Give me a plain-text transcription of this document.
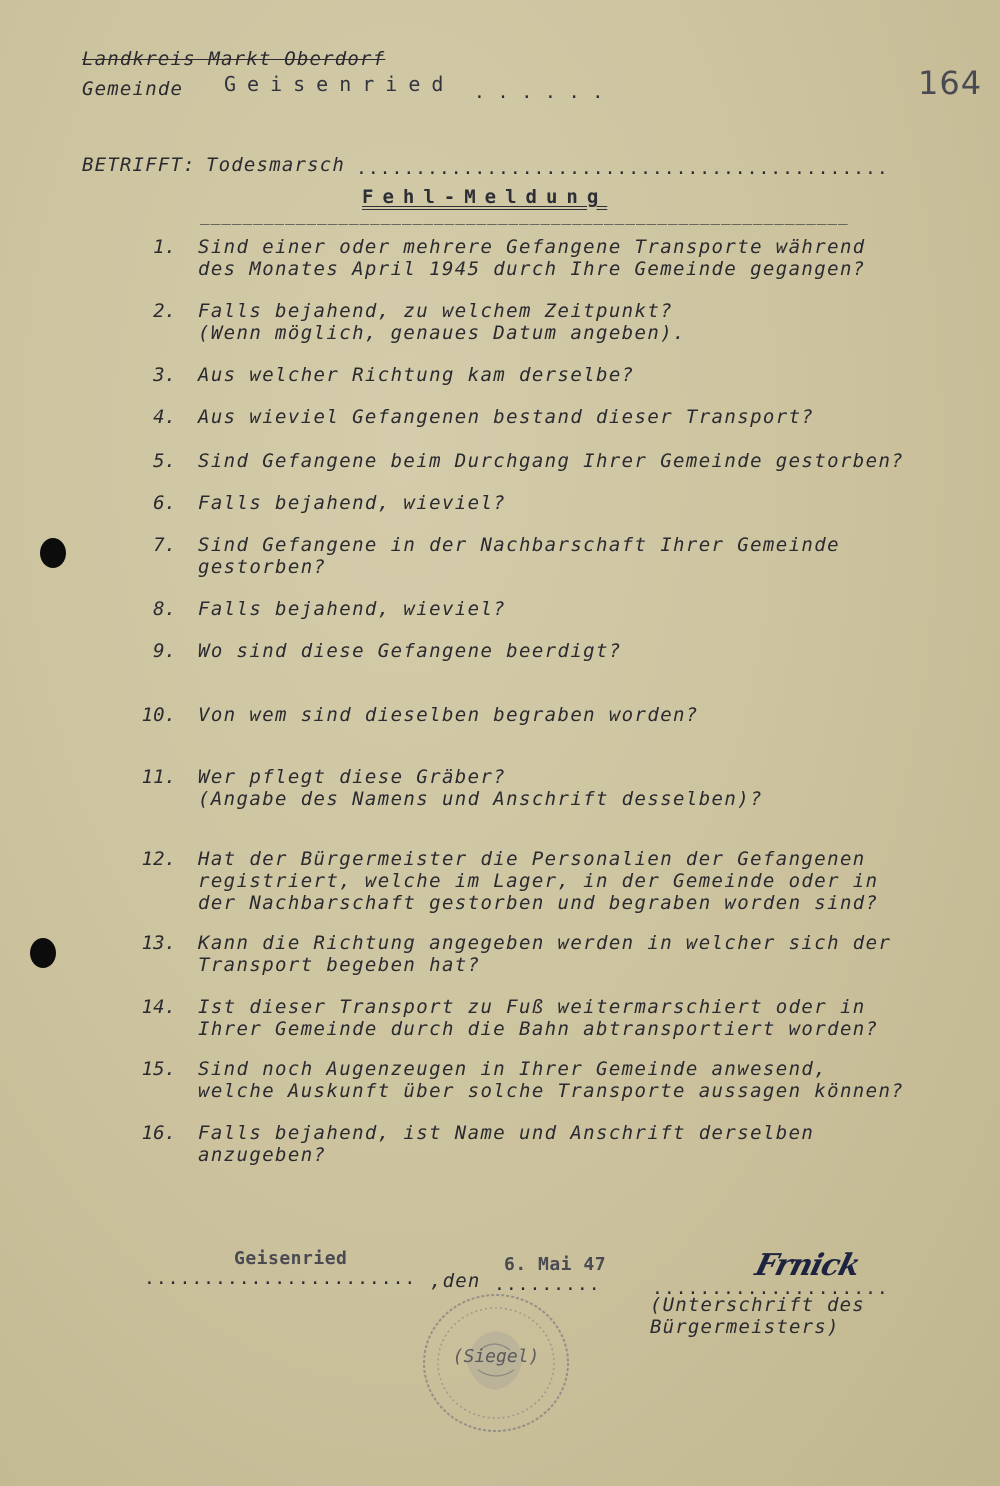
Landkreis Markt Oberdorf
Gemeinde Geisenried . . . . . .	164
BETRIFFT: Todesmarsch .............................................
Fehl-Meldung
_____________________________________________________________
1. Sind einer oder mehrere Gefangene Transporte während
des Monates April 1945 durch Ihre Gemeinde gegangen?
2. Falls bejahend, zu welchem Zeitpunkt?
(Wenn möglich, genaues Datum angeben).
3. Aus welcher Richtung kam derselbe?
4. Aus wieviel Gefangenen bestand dieser Transport?
5. Sind Gefangene beim Durchgang Ihrer Gemeinde gestorben?
6. Falls bejahend, wieviel?
7. Sind Gefangene in der Nachbarschaft Ihrer Gemeinde
gestorben?
8. Falls bejahend, wieviel?
9. Wo sind diese Gefangene beerdigt?
10. Von wem sind dieselben begraben worden?
11. Wer pflegt diese Gräber?
(Angabe des Namens und Anschrift desselben)?
12. Hat der Bürgermeister die Personalien der Gefangenen
registriert, welche im Lager, in der Gemeinde oder in
der Nachbarschaft gestorben und begraben worden sind?
13. Kann die Richtung angegeben werden in welcher sich der
Transport begeben hat?
14. Ist dieser Transport zu Fuß weitermarschiert oder in
Ihrer Gemeinde durch die Bahn abtransportiert worden?
15. Sind noch Augenzeugen in Ihrer Gemeinde anwesend,
welche Auskunft über solche Transporte aussagen können?
16. Falls bejahend, ist Name und Anschrift derselben
anzugeben?
Geisenried
....................... ,den
6. Mai 47
.........	....................
Frnick
(Unterschrift des
Bürgermeisters)
(Siegel)
